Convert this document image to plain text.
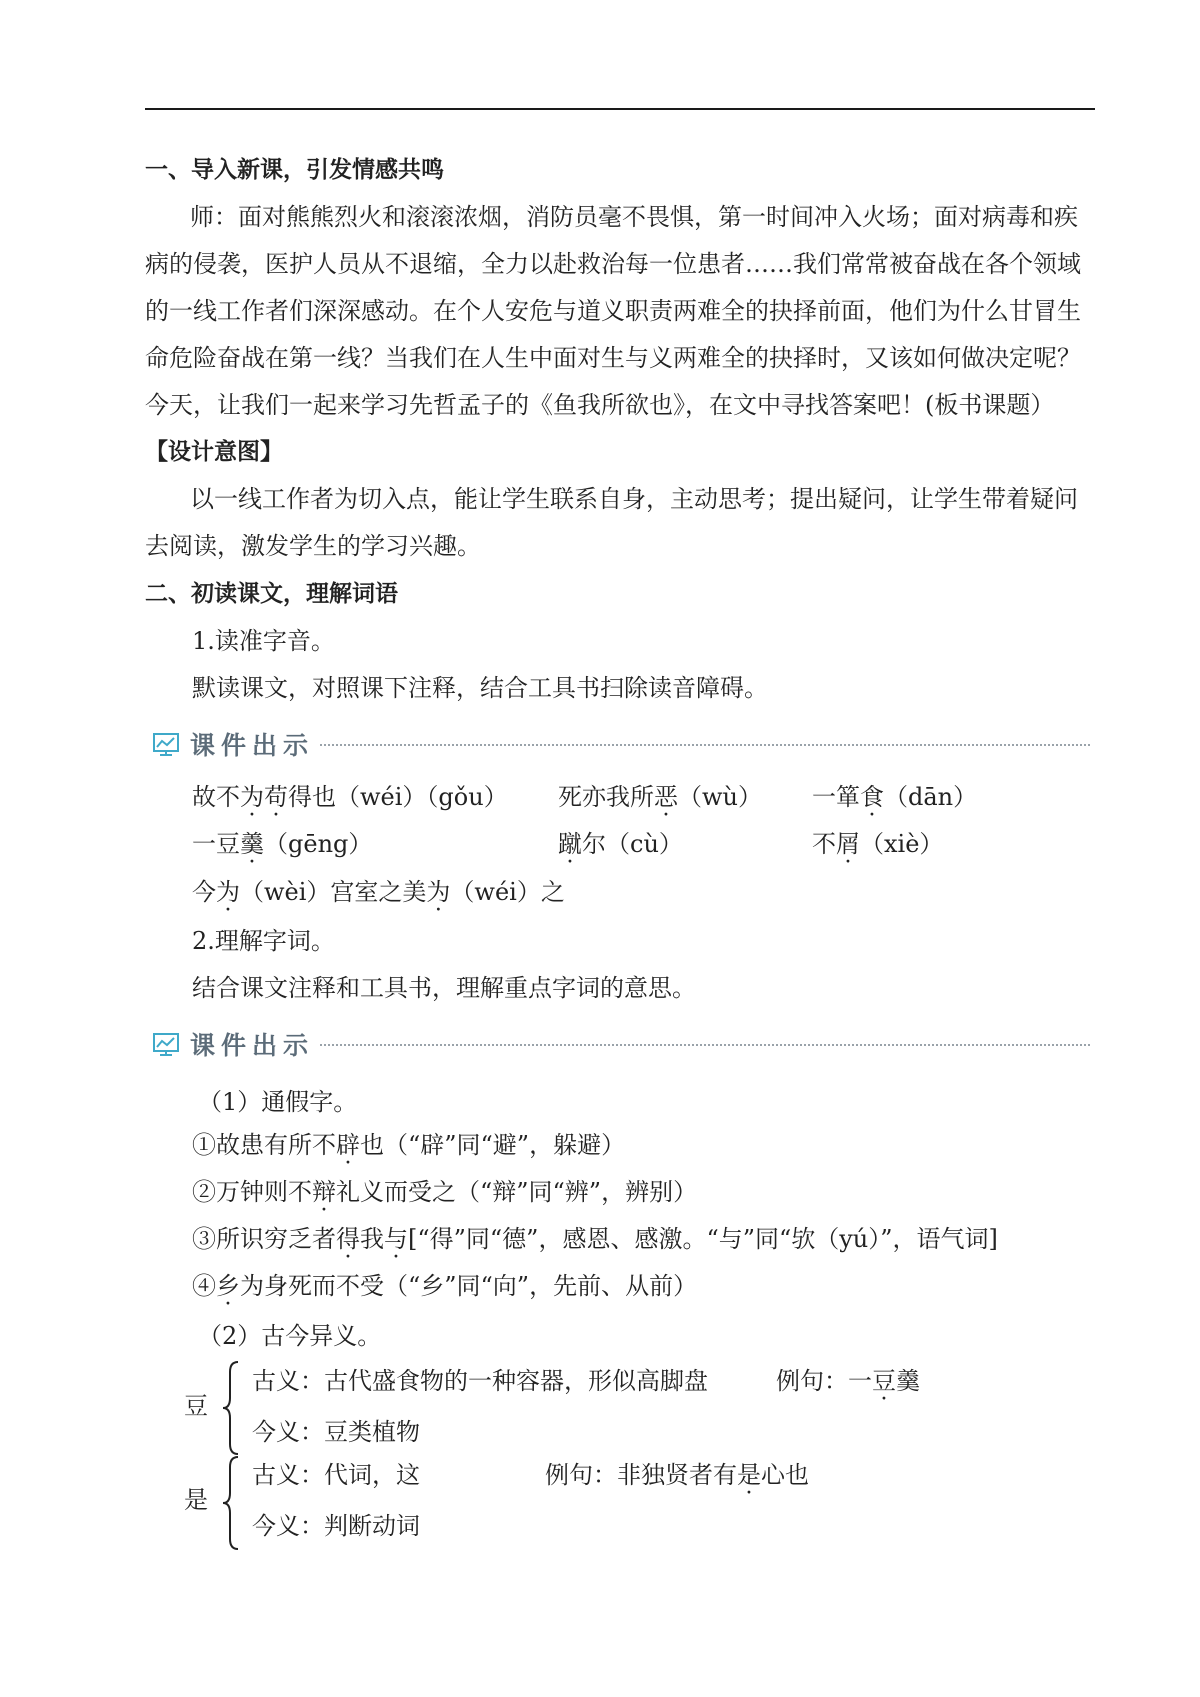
一、导入新课，引发情感共鸣
师：面对熊熊烈火和滚滚浓烟，消防员毫不畏惧，第一时间冲入火场；面对病毒和疾
病的侵袭，医护人员从不退缩，全力以赴救治每一位患者……我们常常被奋战在各个领域
的一线工作者们深深感动。在个人安危与道义职责两难全的抉择前面，他们为什么甘冒生
命危险奋战在第一线？当我们在人生中面对生与义两难全的抉择时，又该如何做决定呢？
今天，让我们一起来学习先哲孟子的《鱼我所欲也》，在文中寻找答案吧！(板书课题）
【设计意图】
以一线工作者为切入点，能让学生联系自身，主动思考；提出疑问，让学生带着疑问
去阅读，激发学生的学习兴趣。
二、初读课文，理解词语
1.读准字音。
默读课文，对照课下注释，结合工具书扫除读音障碍。
课件出示
故不为苟得也（wéi）（gǒu） 死亦我所恶（wù） 一箪食（dān）
一豆羹（gēng）	蹴尔（cù）	不屑（xiè）
今为（wèi）宫室之美为（wéi）之
2.理解字词。
结合课文注释和工具书，理解重点字词的意思。
课件出示
（1）通假字。
①故患有所不辟也（“辟”同“避”，躲避）
②万钟则不辩礼义而受之（“辩”同“辨”，辨别）
③所识穷乏者得我与[“得”同“德”，感恩、感激。“与”同“欤（yú）”，语气词]
④乡为身死而不受（“乡”同“向”，先前、从前）
（2）古今异义。
豆
古义：古代盛食物的一种容器，形似高脚盘	例句：一豆羹
今义：豆类植物
是
古义：代词，这	例句：非独贤者有是心也
今义：判断动词
